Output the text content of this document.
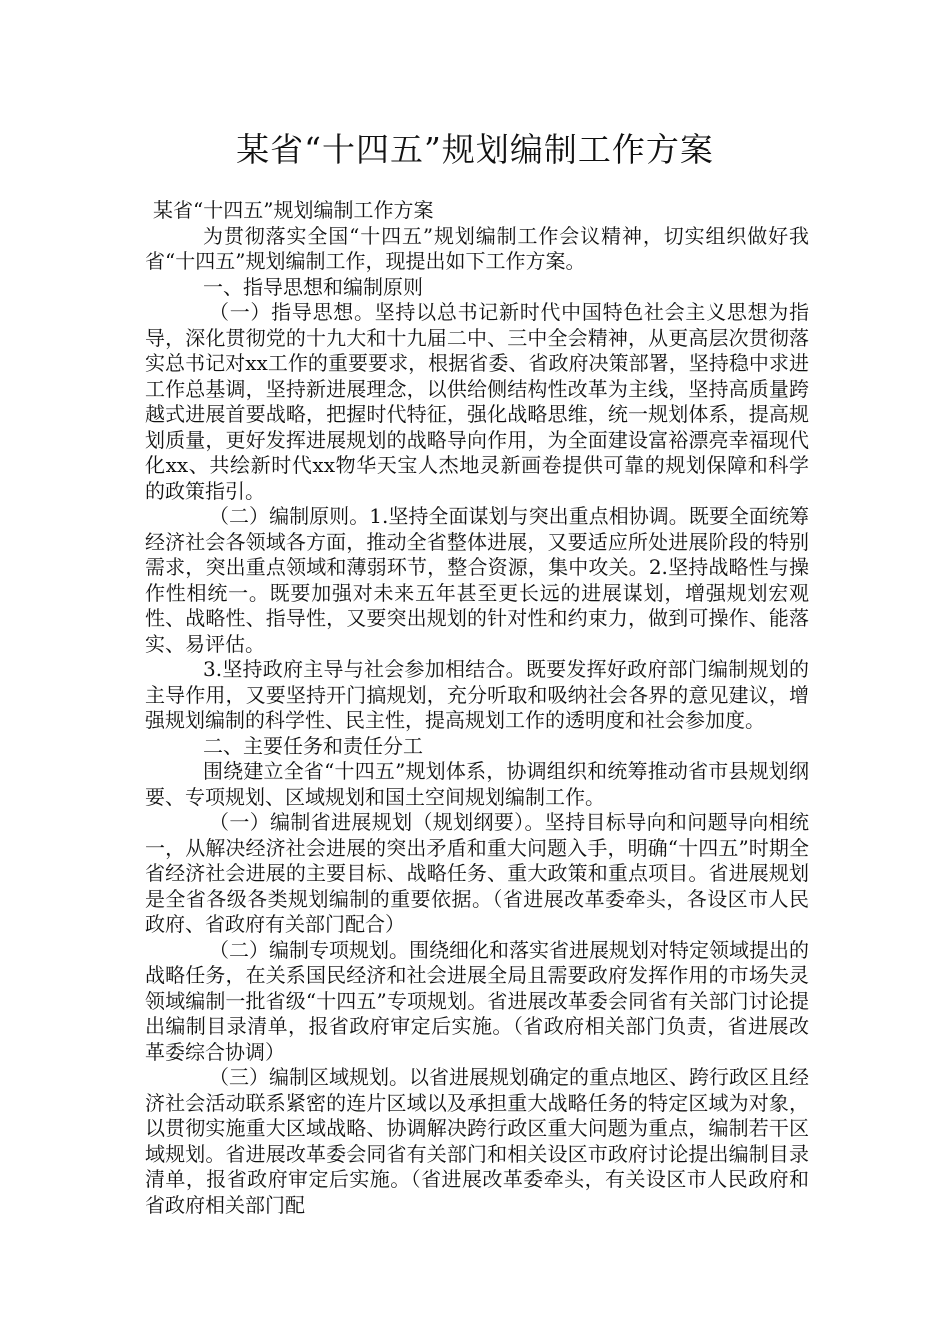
某省“十四五”规划编制工作方案

某省“十四五”规划编制工作方案

为贯彻落实全国“十四五”规划编制工作会议精神，切实组织做好我省“十四五”规划编制工作，现提出如下工作方案。

一、指导思想和编制原则

（一）指导思想。坚持以总书记新时代中国特色社会主义思想为指导，深化贯彻党的十九大和十九届二中、三中全会精神，从更高层次贯彻落实总书记对xx工作的重要要求，根据省委、省政府决策部署，坚持稳中求进工作总基调，坚持新进展理念，以供给侧结构性改革为主线，坚持高质量跨越式进展首要战略，把握时代特征，强化战略思维，统一规划体系，提高规划质量，更好发挥进展规划的战略导向作用，为全面建设富裕漂亮幸福现代化xx、共绘新时代xx物华天宝人杰地灵新画卷提供可靠的规划保障和科学的政策指引。

（二）编制原则。1.坚持全面谋划与突出重点相协调。既要全面统筹经济社会各领域各方面，推动全省整体进展，又要适应所处进展阶段的特别需求，突出重点领域和薄弱环节，整合资源，集中攻关。2.坚持战略性与操作性相统一。既要加强对未来五年甚至更长远的进展谋划，增强规划宏观性、战略性、指导性，又要突出规划的针对性和约束力，做到可操作、能落实、易评估。

3.坚持政府主导与社会参加相结合。既要发挥好政府部门编制规划的主导作用，又要坚持开门搞规划，充分听取和吸纳社会各界的意见建议，增强规划编制的科学性、民主性，提高规划工作的透明度和社会参加度。

二、主要任务和责任分工

围绕建立全省“十四五”规划体系，协调组织和统筹推动省市县规划纲要、专项规划、区域规划和国土空间规划编制工作。

（一）编制省进展规划（规划纲要）。坚持目标导向和问题导向相统一，从解决经济社会进展的突出矛盾和重大问题入手，明确“十四五”时期全省经济社会进展的主要目标、战略任务、重大政策和重点项目。省进展规划是全省各级各类规划编制的重要依据。（省进展改革委牵头，各设区市人民政府、省政府有关部门配合）

（二）编制专项规划。围绕细化和落实省进展规划对特定领域提出的战略任务，在关系国民经济和社会进展全局且需要政府发挥作用的市场失灵领域编制一批省级“十四五”专项规划。省进展改革委会同省有关部门讨论提出编制目录清单，报省政府审定后实施。（省政府相关部门负责，省进展改革委综合协调）

（三）编制区域规划。以省进展规划确定的重点地区、跨行政区且经济社会活动联系紧密的连片区域以及承担重大战略任务的特定区域为对象，以贯彻实施重大区域战略、协调解决跨行政区重大问题为重点，编制若干区域规划。省进展改革委会同省有关部门和相关设区市政府讨论提出编制目录清单，报省政府审定后实施。（省进展改革委牵头，有关设区市人民政府和省政府相关部门配
